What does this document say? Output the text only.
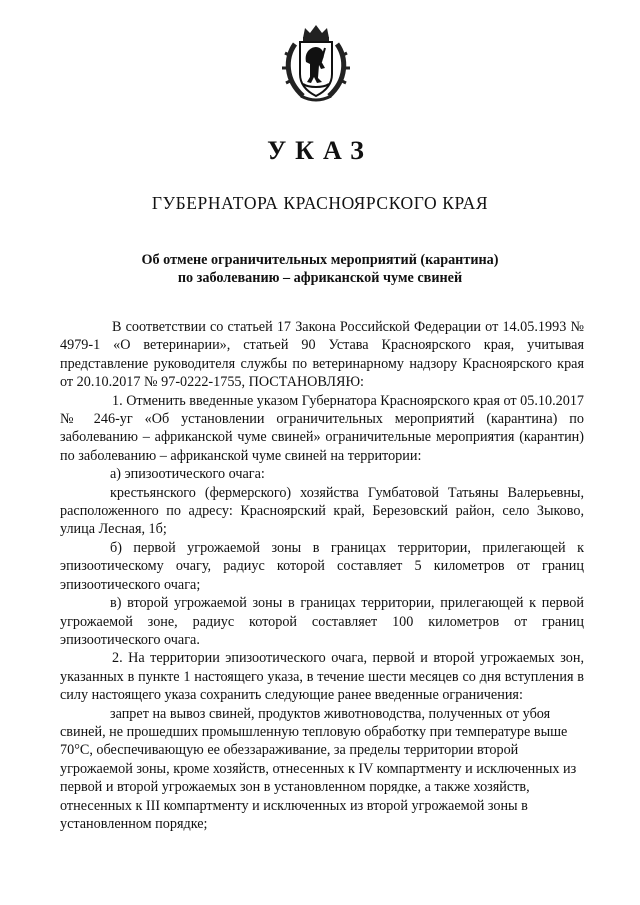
УКАЗ
ГУБЕРНАТОРА КРАСНОЯРСКОГО КРАЯ
Об отмене ограничительных мероприятий (карантина)
по заболеванию – африканской чуме свиней

В соответствии со статьей 17 Закона Российской Федерации от 14.05.1993 № 4979-1 «О ветеринарии», статьей 90 Устава Красноярского края, учитывая представление руководителя службы по ветеринарному надзору Красноярского края от 20.10.2017 № 97-0222-1755, ПОСТАНОВЛЯЮ:

1. Отменить введенные указом Губернатора Красноярского края от 05.10.2017 № 246-уг «Об установлении ограничительных мероприятий (карантина) по заболеванию – африканской чуме свиней» ограничительные мероприятия (карантин) по заболеванию – африканской чуме свиней на территории:

а) эпизоотического очага:

крестьянского (фермерского) хозяйства Гумбатовой Татьяны Валерьевны, расположенного по адресу: Красноярский край, Березовский район, село Зыково, улица Лесная, 1б;

б) первой угрожаемой зоны в границах территории, прилегающей к эпизоотическому очагу, радиус которой составляет 5 километров от границ эпизоотического очага;

в) второй угрожаемой зоны в границах территории, прилегающей к первой угрожаемой зоне, радиус которой составляет 100 километров от границ эпизоотического очага.

2. На территории эпизоотического очага, первой и второй угрожаемых зон, указанных в пункте 1 настоящего указа, в течение шести месяцев со дня вступления в силу настоящего указа сохранить следующие ранее введенные ограничения:

запрет на вывоз свиней, продуктов животноводства, полученных от убоя свиней, не прошедших промышленную тепловую обработку при температуре выше 70°С, обеспечивающую ее обеззараживание, за пределы территории второй угрожаемой зоны, кроме хозяйств, отнесенных к IV компартменту и исключенных из первой и второй угрожаемых зон в установленном порядке, а также хозяйств, отнесенных к III компартменту и исключенных из второй угрожаемой зоны в установленном порядке;
